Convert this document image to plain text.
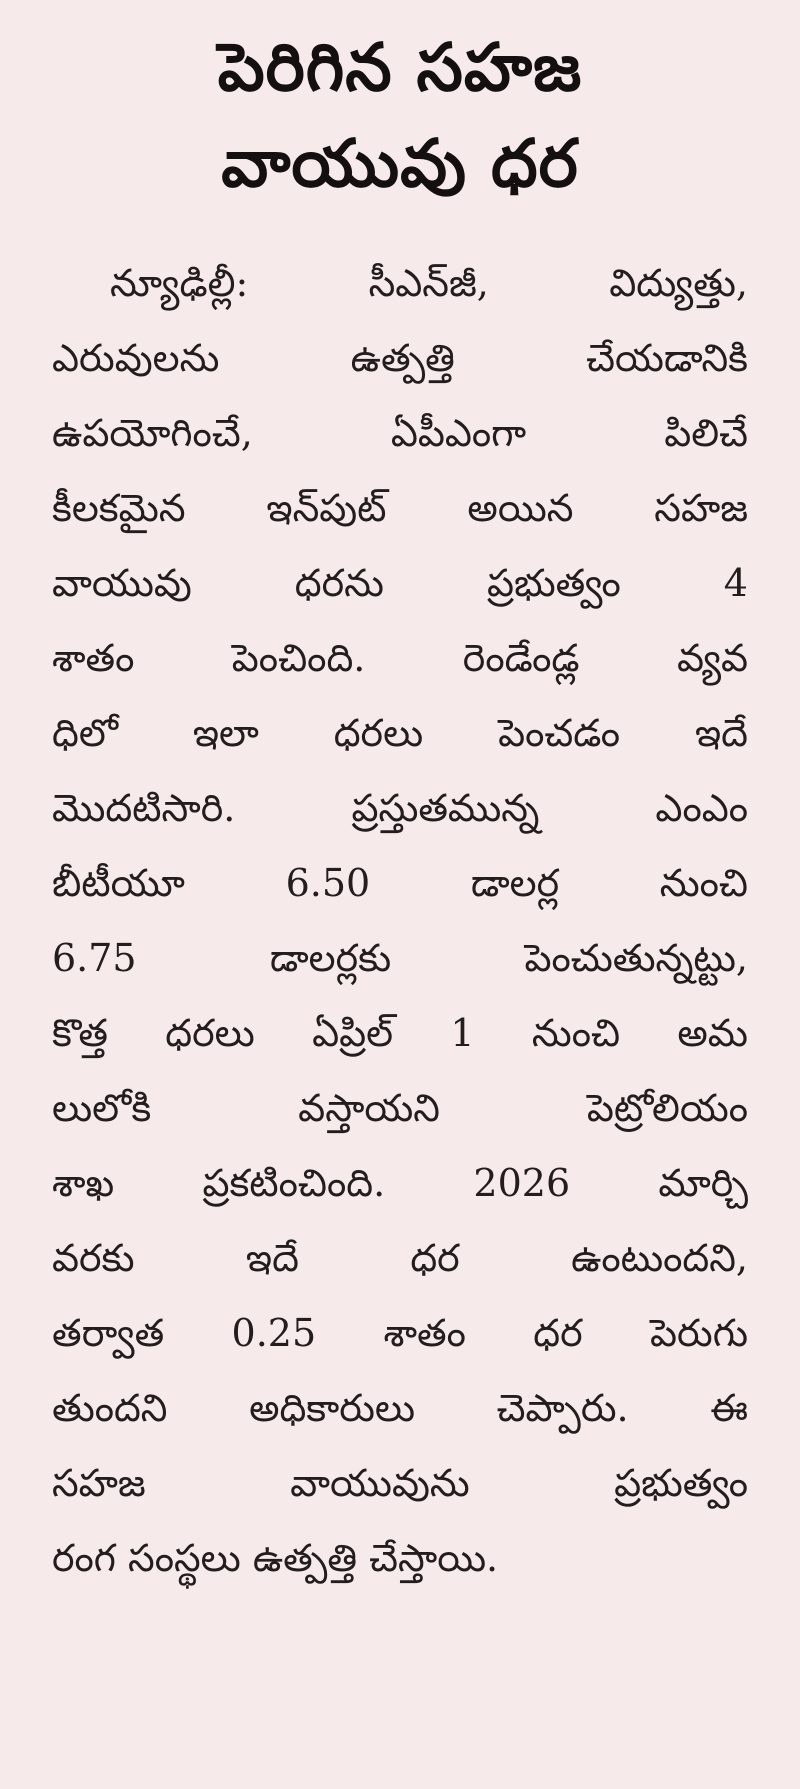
పెరిగిన సహజ
వాయువు ధర
న్యూఢిల్లీ: సీఎన్‌జీ, విద్యుత్తు,
ఎరువులను ఉత్పత్తి చేయడానికి
ఉపయోగించే, ఏపీఎంగా పిలిచే
కీలకమైన ఇన్‌పుట్ అయిన సహజ
వాయువు ధరను ప్రభుత్వం 4
శాతం పెంచింది. రెండేండ్ల వ్యవ
ధిలో ఇలా ధరలు పెంచడం ఇదే
మొదటిసారి. ప్రస్తుతమున్న ఎంఎం
బీటీయూ 6.50 డాలర్ల నుంచి
6.75 డాలర్లకు పెంచుతున్నట్టు,
కొత్త ధరలు ఏప్రిల్ 1 నుంచి అమ
లులోకి వస్తాయని పెట్రోలియం
శాఖ ప్రకటించింది. 2026 మార్చి
వరకు ఇదే ధర ఉంటుందని,
తర్వాత 0.25 శాతం ధర పెరుగు
తుందని అధికారులు చెప్పారు. ఈ
సహజ వాయువును ప్రభుత్వం
రంగ సంస్థలు ఉత్పత్తి చేస్తాయి.
